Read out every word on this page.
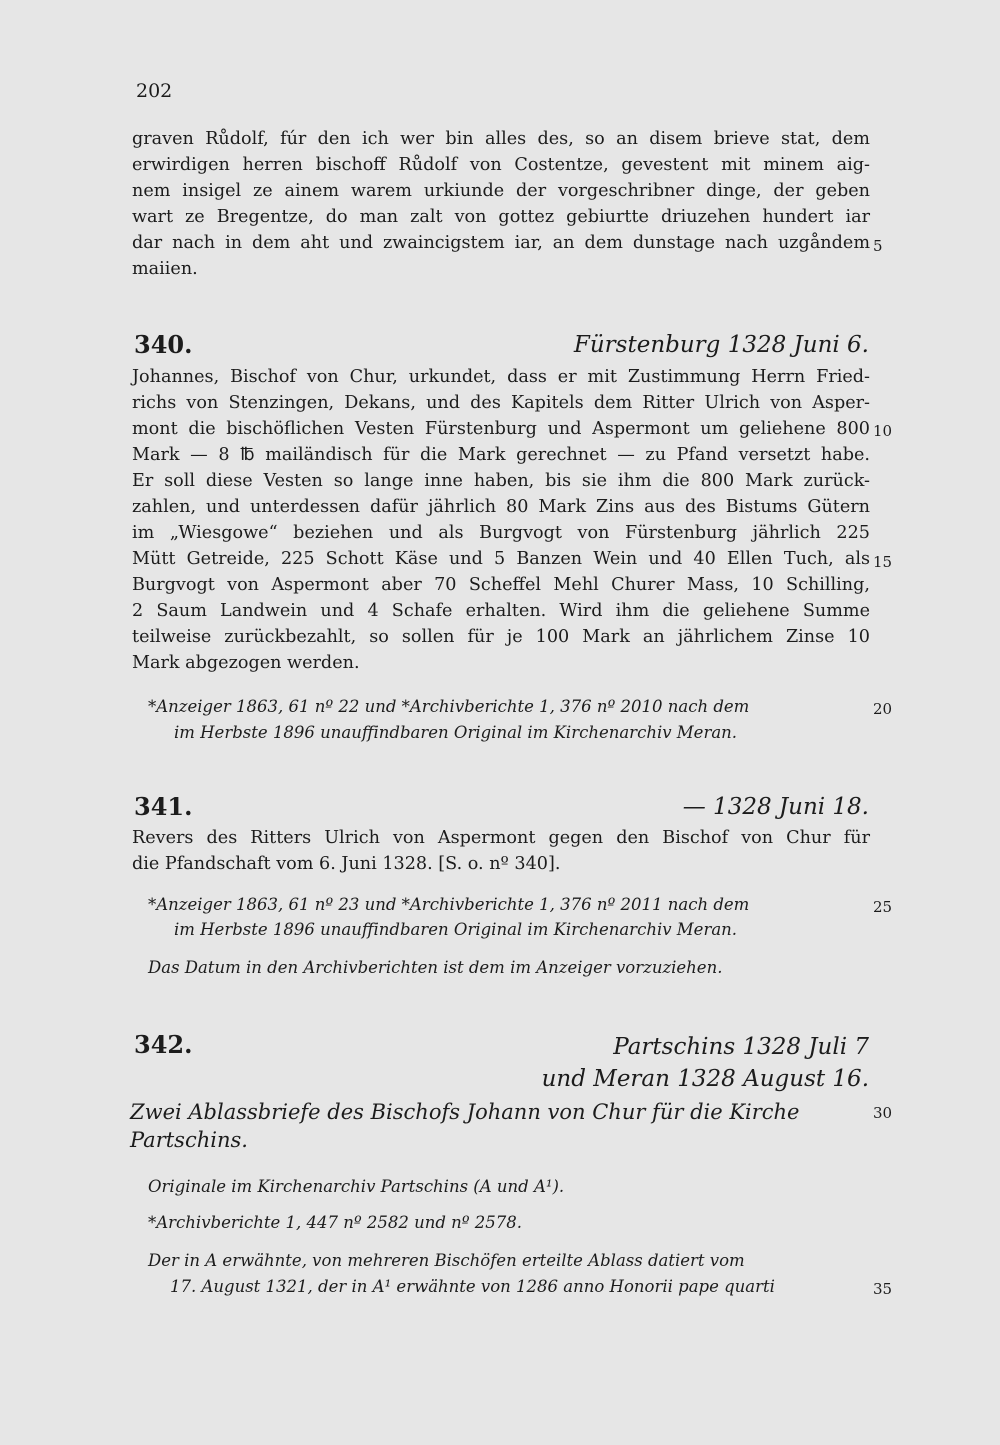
202
graven Růdolf, fúr den ich wer bin alles des, so an disem brieve stat, dem
erwirdigen herren bischoff Růdolf von Costentze, gevestent mit minem aig-
nem insigel ze ainem warem urkiunde der vorgeschribner dinge, der geben
wart ze Bregentze, do man zalt von gottez gebiurtte driuzehen hundert iar
dar nach in dem aht und zwaincigstem iar, an dem dunstage nach uzgåndem 5
maiien.
340.	Fürstenburg 1328 Juni 6.
Johannes, Bischof von Chur, urkundet, dass er mit Zustimmung Herrn Fried-
richs von Stenzingen, Dekans, und des Kapitels dem Ritter Ulrich von Asper-
mont die bischöflichen Vesten Fürstenburg und Aspermont um geliehene 800 10
Mark — 8 ℔ mailändisch für die Mark gerechnet — zu Pfand versetzt habe.
Er soll diese Vesten so lange inne haben, bis sie ihm die 800 Mark zurück-
zahlen, und unterdessen dafür jährlich 80 Mark Zins aus des Bistums Gütern
im „Wiesgowe“ beziehen und als Burgvogt von Fürstenburg jährlich 225
Mütt Getreide, 225 Schott Käse und 5 Banzen Wein und 40 Ellen Tuch, als 15
Burgvogt von Aspermont aber 70 Scheffel Mehl Churer Mass, 10 Schilling,
2 Saum Landwein und 4 Schafe erhalten. Wird ihm die geliehene Summe
teilweise zurückbezahlt, so sollen für je 100 Mark an jährlichem Zinse 10
Mark abgezogen werden.
*Anzeiger 1863, 61 nº 22 und *Archivberichte 1, 376 nº 2010 nach dem	20
im Herbste 1896 unauffindbaren Original im Kirchenarchiv Meran.
341.	— 1328 Juni 18.
Revers des Ritters Ulrich von Aspermont gegen den Bischof von Chur für
die Pfandschaft vom 6. Juni 1328. [S. o. nº 340].
*Anzeiger 1863, 61 nº 23 und *Archivberichte 1, 376 nº 2011 nach dem	25
im Herbste 1896 unauffindbaren Original im Kirchenarchiv Meran.
Das Datum in den Archivberichten ist dem im Anzeiger vorzuziehen.
342.	Partschins 1328 Juli 7
und Meran 1328 August 16.
Zwei Ablassbriefe des Bischofs Johann von Chur für die Kirche	30
Partschins.
Originale im Kirchenarchiv Partschins (A und A¹).
*Archivberichte 1, 447 nº 2582 und nº 2578.
Der in A erwähnte, von mehreren Bischöfen erteilte Ablass datiert vom
17. August 1321, der in A¹ erwähnte von 1286 anno Honorii pape quarti	35
